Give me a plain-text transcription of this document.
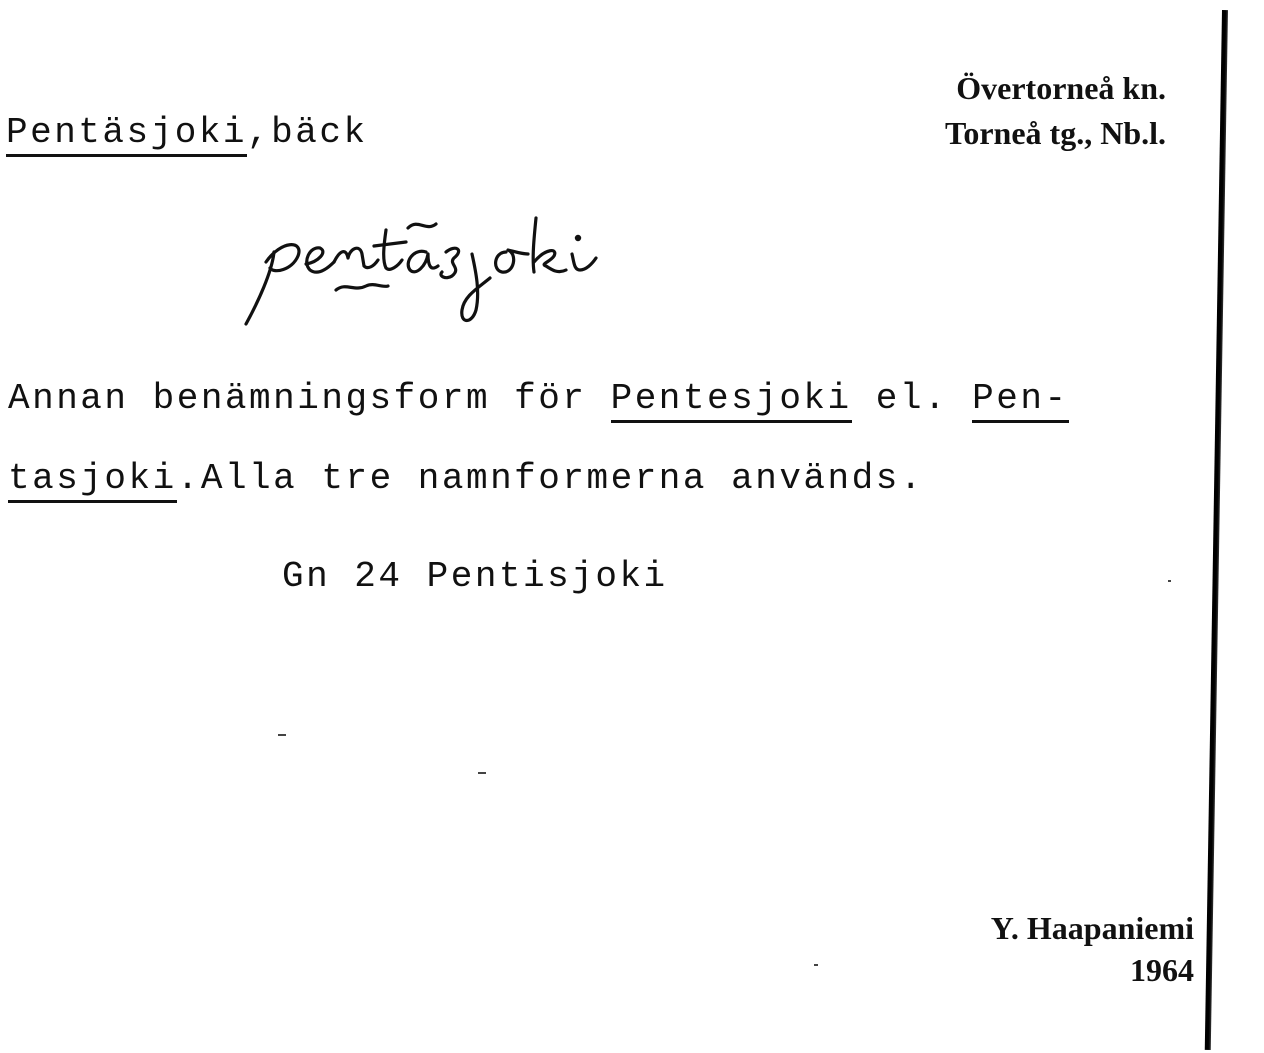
Pentäsjoki,bäck
Övertorneå kn.
Torneå tg., Nb.l.
Annan benämningsform för Pentesjoki el. Pen-
tasjoki.Alla tre namnformerna används.
Gn 24 Pentisjoki
Y. Haapaniemi
1964
